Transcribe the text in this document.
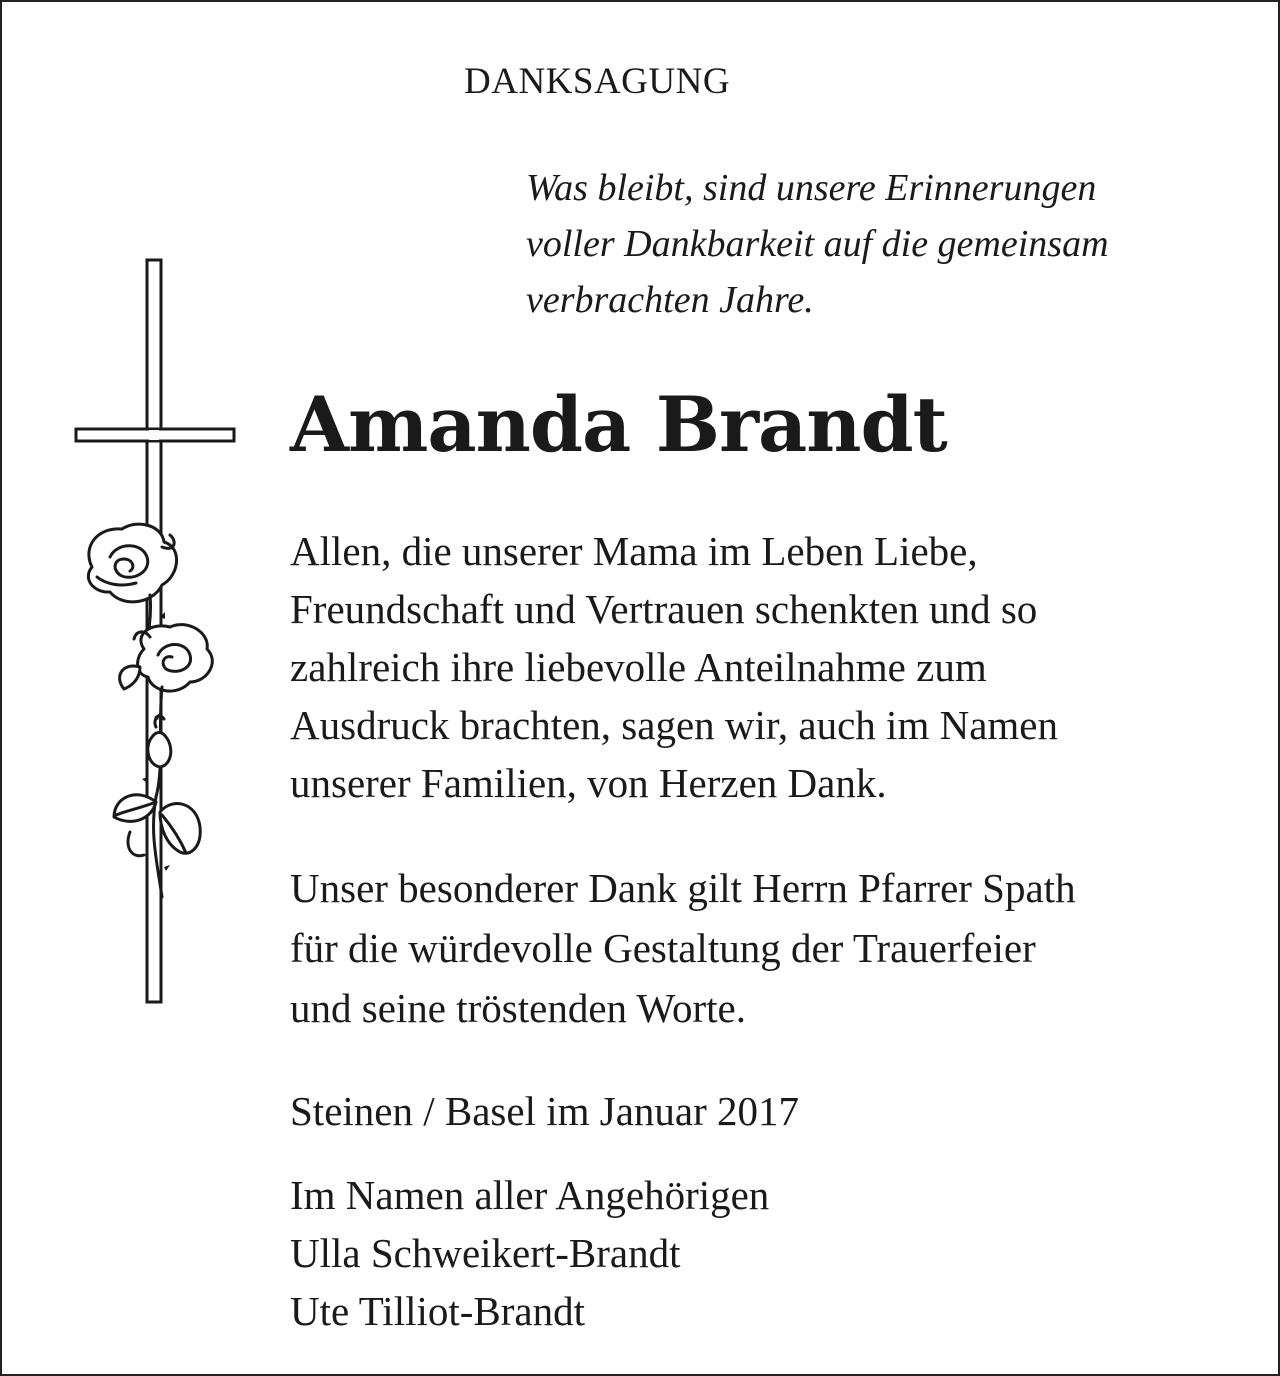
DANKSAGUNG
Was bleibt, sind unsere Erinnerungen
voller Dankbarkeit auf die gemeinsam
verbrachten Jahre.
Amanda Brandt
Allen, die unserer Mama im Leben Liebe,
Freundschaft und Vertrauen schenkten und so
zahlreich ihre liebevolle Anteilnahme zum
Ausdruck brachten, sagen wir, auch im Namen
unserer Familien, von Herzen Dank.
Unser besonderer Dank gilt Herrn Pfarrer Spath
für die würdevolle Gestaltung der Trauerfeier
und seine tröstenden Worte.
Steinen / Basel im Januar 2017
Im Namen aller Angehörigen
Ulla Schweikert-Brandt
Ute Tilliot-Brandt
